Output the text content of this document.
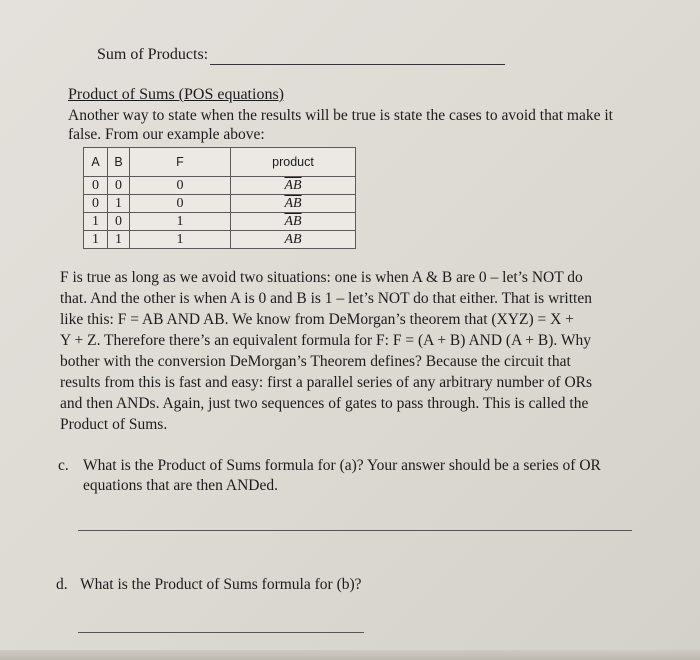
Sum of Products:
Product of Sums (POS equations)
Another way to state when the results will be true is state the cases to avoid that make it
false. From our example above:
A	B	F	product
0	0	0	$\overline{AB}$
0	1	0	$\overline{AB}$
1	0	1	$\overline{AB}$
1	1	1	AB
F is true as long as we avoid two situations: one is when A & B are 0 – let’s NOT do
that. And the other is when A is 0 and B is 1 – let’s NOT do that either. That is written
like this: F = AB AND AB. We know from DeMorgan’s theorem that (XYZ) = X +
Y + Z. Therefore there’s an equivalent formula for F: F = (A + B) AND (A + B). Why
bother with the conversion DeMorgan’s Theorem defines? Because the circuit that
results from this is fast and easy: first a parallel series of any arbitrary number of ORs
and then ANDs. Again, just two sequences of gates to pass through. This is called the
Product of Sums.
c. What is the Product of Sums formula for (a)? Your answer should be a series of OR
equations that are then ANDed.
d. What is the Product of Sums formula for (b)?
